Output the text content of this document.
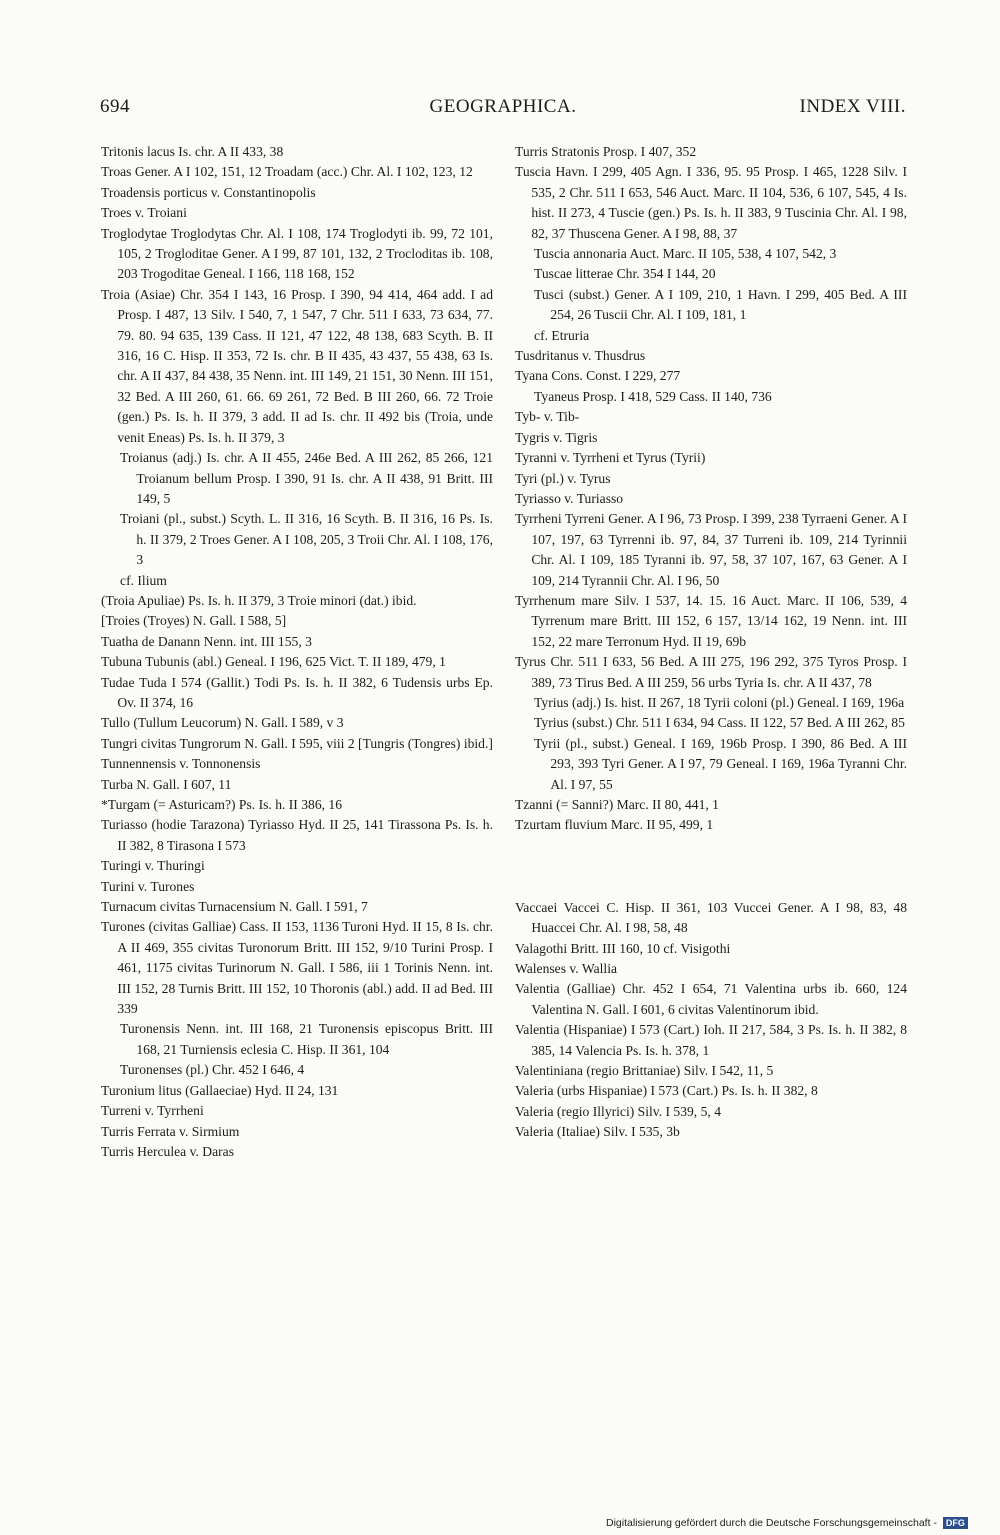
694	GEOGRAPHICA.	INDEX VIII.

Tritonis lacus Is. chr. A II 433, 38

Troas Gener. A I 102, 151, 12 Troadam (acc.) Chr. Al. I 102, 123, 12

Troadensis porticus v. Constantinopolis

Troes v. Troiani

Troglodytae Troglodytas Chr. Al. I 108, 174 Troglodyti ib. 99, 72 101, 105, 2 Trogloditae Gener. A I 99, 87 101, 132, 2 Trocloditas ib. 108, 203 Trogoditae Geneal. I 166, 118 168, 152

Troia (Asiae) Chr. 354 I 143, 16 Prosp. I 390, 94 414, 464 add. I ad Prosp. I 487, 13 Silv. I 540, 7, 1 547, 7 Chr. 511 I 633, 73 634, 77. 79. 80. 94 635, 139 Cass. II 121, 47 122, 48 138, 683 Scyth. B. II 316, 16 C. Hisp. II 353, 72 Is. chr. B II 435, 43 437, 55 438, 63 Is. chr. A II 437, 84 438, 35 Nenn. int. III 149, 21 151, 30 Nenn. III 151, 32 Bed. A III 260, 61. 66. 69 261, 72 Bed. B III 260, 66. 72 Troie (gen.) Ps. Is. h. II 379, 3 add. II ad Is. chr. II 492 bis (Troia, unde venit Eneas) Ps. Is. h. II 379, 3

Troianus (adj.) Is. chr. A II 455, 246e Bed. A III 262, 85 266, 121 Troianum bellum Prosp. I 390, 91 Is. chr. A II 438, 91 Britt. III 149, 5

Troiani (pl., subst.) Scyth. L. II 316, 16 Scyth. B. II 316, 16 Ps. Is. h. II 379, 2 Troes Gener. A I 108, 205, 3 Troii Chr. Al. I 108, 176, 3

cf. Ilium

(Troia Apuliae) Ps. Is. h. II 379, 3 Troie minori (dat.) ibid.

[Troies (Troyes) N. Gall. I 588, 5]

Tuatha de Danann Nenn. int. III 155, 3

Tubuna Tubunis (abl.) Geneal. I 196, 625 Vict. T. II 189, 479, 1

Tudae Tuda I 574 (Gallit.) Todi Ps. Is. h. II 382, 6 Tudensis urbs Ep. Ov. II 374, 16

Tullo (Tullum Leucorum) N. Gall. I 589, v 3

Tungri civitas Tungrorum N. Gall. I 595, viii 2 [Tungris (Tongres) ibid.]

Tunnennensis v. Tonnonensis

Turba N. Gall. I 607, 11

*Turgam (= Asturicam?) Ps. Is. h. II 386, 16

Turiasso (hodie Tarazona) Tyriasso Hyd. II 25, 141 Tirassona Ps. Is. h. II 382, 8 Tirasona I 573

Turingi v. Thuringi

Turini v. Turones

Turnacum civitas Turnacensium N. Gall. I 591, 7

Turones (civitas Galliae) Cass. II 153, 1136 Turoni Hyd. II 15, 8 Is. chr. A II 469, 355 civitas Turonorum Britt. III 152, 9/10 Turini Prosp. I 461, 1175 civitas Turinorum N. Gall. I 586, iii 1 Torinis Nenn. int. III 152, 28 Turnis Britt. III 152, 10 Thoronis (abl.) add. II ad Bed. III 339

Turonensis Nenn. int. III 168, 21 Turonensis episcopus Britt. III 168, 21 Turniensis eclesia C. Hisp. II 361, 104

Turonenses (pl.) Chr. 452 I 646, 4

Turonium litus (Gallaeciae) Hyd. II 24, 131

Turreni v. Tyrrheni

Turris Ferrata v. Sirmium

Turris Herculea v. Daras

Turris Stratonis Prosp. I 407, 352

Tuscia Havn. I 299, 405 Agn. I 336, 95. 95 Prosp. I 465, 1228 Silv. I 535, 2 Chr. 511 I 653, 546 Auct. Marc. II 104, 536, 6 107, 545, 4 Is. hist. II 273, 4 Tuscie (gen.) Ps. Is. h. II 383, 9 Tuscinia Chr. Al. I 98, 82, 37 Thuscena Gener. A I 98, 88, 37

Tuscia annonaria Auct. Marc. II 105, 538, 4 107, 542, 3

Tuscae litterae Chr. 354 I 144, 20

Tusci (subst.) Gener. A I 109, 210, 1 Havn. I 299, 405 Bed. A III 254, 26 Tuscii Chr. Al. I 109, 181, 1

cf. Etruria

Tusdritanus v. Thusdrus

Tyana Cons. Const. I 229, 277

Tyaneus Prosp. I 418, 529 Cass. II 140, 736

Tyb- v. Tib-

Tygris v. Tigris

Tyranni v. Tyrrheni et Tyrus (Tyrii)

Tyri (pl.) v. Tyrus

Tyriasso v. Turiasso

Tyrrheni Tyrreni Gener. A I 96, 73 Prosp. I 399, 238 Tyrraeni Gener. A I 107, 197, 63 Tyrrenni ib. 97, 84, 37 Turreni ib. 109, 214 Tyrinnii Chr. Al. I 109, 185 Tyranni ib. 97, 58, 37 107, 167, 63 Gener. A I 109, 214 Tyrannii Chr. Al. I 96, 50

Tyrrhenum mare Silv. I 537, 14. 15. 16 Auct. Marc. II 106, 539, 4 Tyrrenum mare Britt. III 152, 6 157, 13/14 162, 19 Nenn. int. III 152, 22 mare Terronum Hyd. II 19, 69b

Tyrus Chr. 511 I 633, 56 Bed. A III 275, 196 292, 375 Tyros Prosp. I 389, 73 Tirus Bed. A III 259, 56 urbs Tyria Is. chr. A II 437, 78

Tyrius (adj.) Is. hist. II 267, 18 Tyrii coloni (pl.) Geneal. I 169, 196a

Tyrius (subst.) Chr. 511 I 634, 94 Cass. II 122, 57 Bed. A III 262, 85

Tyrii (pl., subst.) Geneal. I 169, 196b Prosp. I 390, 86 Bed. A III 293, 393 Tyri Gener. A I 97, 79 Geneal. I 169, 196a Tyranni Chr. Al. I 97, 55

Tzanni (= Sanni?) Marc. II 80, 441, 1

Tzurtam fluvium Marc. II 95, 499, 1

Vaccaei Vaccei C. Hisp. II 361, 103 Vuccei Gener. A I 98, 83, 48 Huaccei Chr. Al. I 98, 58, 48

Valagothi Britt. III 160, 10 cf. Visigothi

Walenses v. Wallia

Valentia (Galliae) Chr. 452 I 654, 71 Valentina urbs ib. 660, 124 Valentina N. Gall. I 601, 6 civitas Valentinorum ibid.

Valentia (Hispaniae) I 573 (Cart.) Ioh. II 217, 584, 3 Ps. Is. h. II 382, 8 385, 14 Valencia Ps. Is. h. 378, 1

Valentiniana (regio Brittaniae) Silv. I 542, 11, 5

Valeria (urbs Hispaniae) I 573 (Cart.) Ps. Is. h. II 382, 8

Valeria (regio Illyrici) Silv. I 539, 5, 4

Valeria (Italiae) Silv. I 535, 3b

Digitalisierung gefördert durch die Deutsche Forschungsgemeinschaft - DFG
